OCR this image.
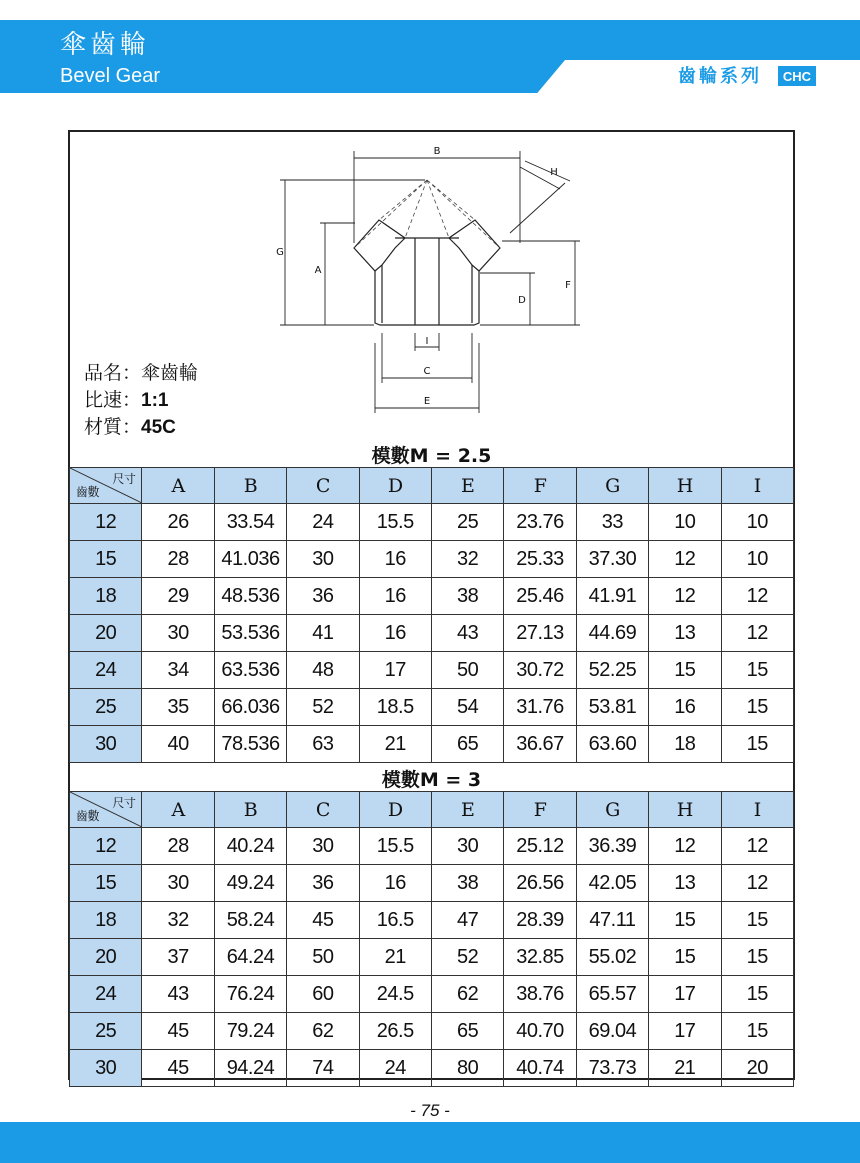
傘齒輪
Bevel Gear	齒輪系列	CHC
B
H
G
A
D
F
I
C
E
品名：傘齒輪
比速：1:1
材質：45C
模數M = 2.5
尺寸
齒數	A	B	C	D	E	F	G	H	I
12	26	33.54	24	15.5	25	23.76	33	10	10
15	28	41.036	30	16	32	25.33	37.30	12	10
18	29	48.536	36	16	38	25.46	41.91	12	12
20	30	53.536	41	16	43	27.13	44.69	13	12
24	34	63.536	48	17	50	30.72	52.25	15	15
25	35	66.036	52	18.5	54	31.76	53.81	16	15
30	40	78.536	63	21	65	36.67	63.60	18	15
模數M = 3
尺寸
齒數	A	B	C	D	E	F	G	H	I
12	28	40.24	30	15.5	30	25.12	36.39	12	12
15	30	49.24	36	16	38	26.56	42.05	13	12
18	32	58.24	45	16.5	47	28.39	47.11	15	15
20	37	64.24	50	21	52	32.85	55.02	15	15
24	43	76.24	60	24.5	62	38.76	65.57	17	15
25	45	79.24	62	26.5	65	40.70	69.04	17	15
30	45	94.24	74	24	80	40.74	73.73	21	20
- 75 -
